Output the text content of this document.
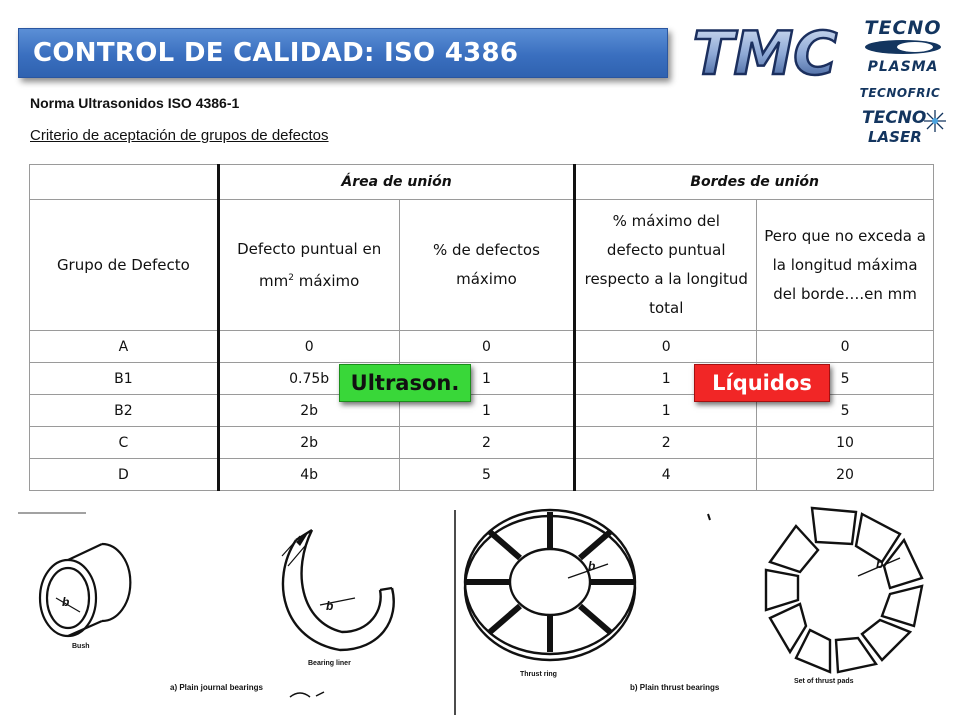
CONTROL DE CALIDAD: ISO 4386
Norma Ultrasonidos ISO 4386-1
Criterio de aceptación de grupos de defectos
TMC TECNO
PLASMA
TECNOFRIC
TECNO
LASER
	Área de unión		Bordes de unión	
Grupo de Defecto	Defecto puntual en $mm^2$ máximo	% de defectos máximo	% máximo del defecto puntual respecto a la longitud total	Pero que no exceda a la longitud máxima del borde….en mm
A	0	0	0	0
B1	0.75b	1	1	5
B2	2b	1	1	5
C	2b	2	2	10
D	4b	5	4	20
Ultrason.	Líquidos
b
Bush
b
Bearing liner
a) Plain journal bearings
b
Thrust ring
b) Plain thrust bearings
b
Set of thrust pads
